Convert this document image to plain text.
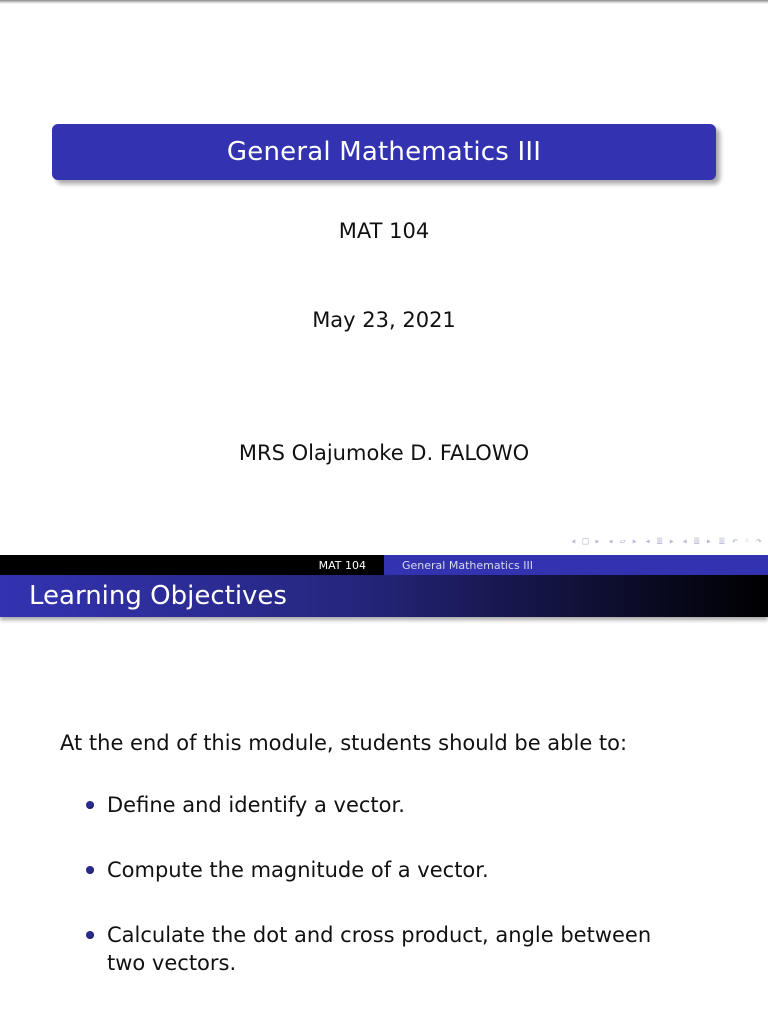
General Mathematics III
MAT 104
May 23, 2021
MRS Olajumoke D. FALOWO
◂ □ ▸ ◂ ▱ ▸ ◂ ≣ ▸ ◂ ≣ ▸ ≣ ↶ ◦ ↷
MAT 104	General Mathematics III
Learning Objectives
At the end of this module, students should be able to:
Define and identify a vector.
Compute the magnitude of a vector.
Calculate the dot and cross product, angle between two vectors.
